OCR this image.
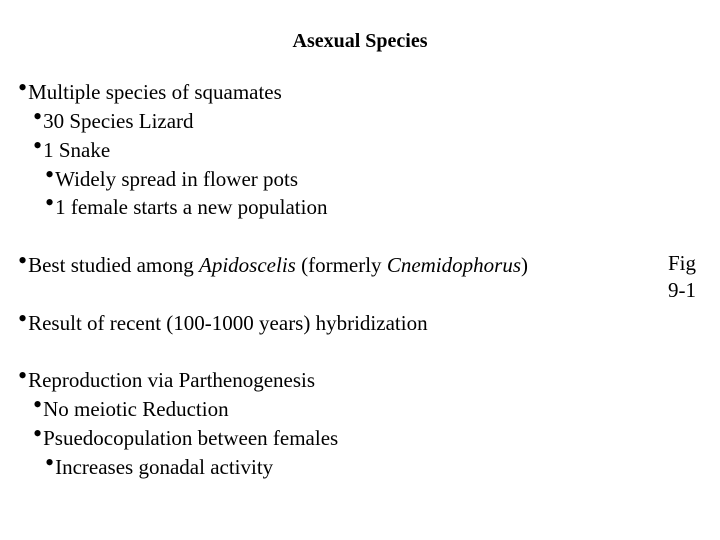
Asexual Species
•Multiple species of squamates
•30 Species Lizard
•1 Snake
•Widely spread in flower pots
•1 female starts a new population
•Best studied among Apidoscelis (formerly Cnemidophorus)
•Result of recent (100-1000 years) hybridization
•Reproduction via Parthenogenesis
•No meiotic Reduction
•Psuedocopulation between females
•Increases gonadal activity
Fig
9-1
